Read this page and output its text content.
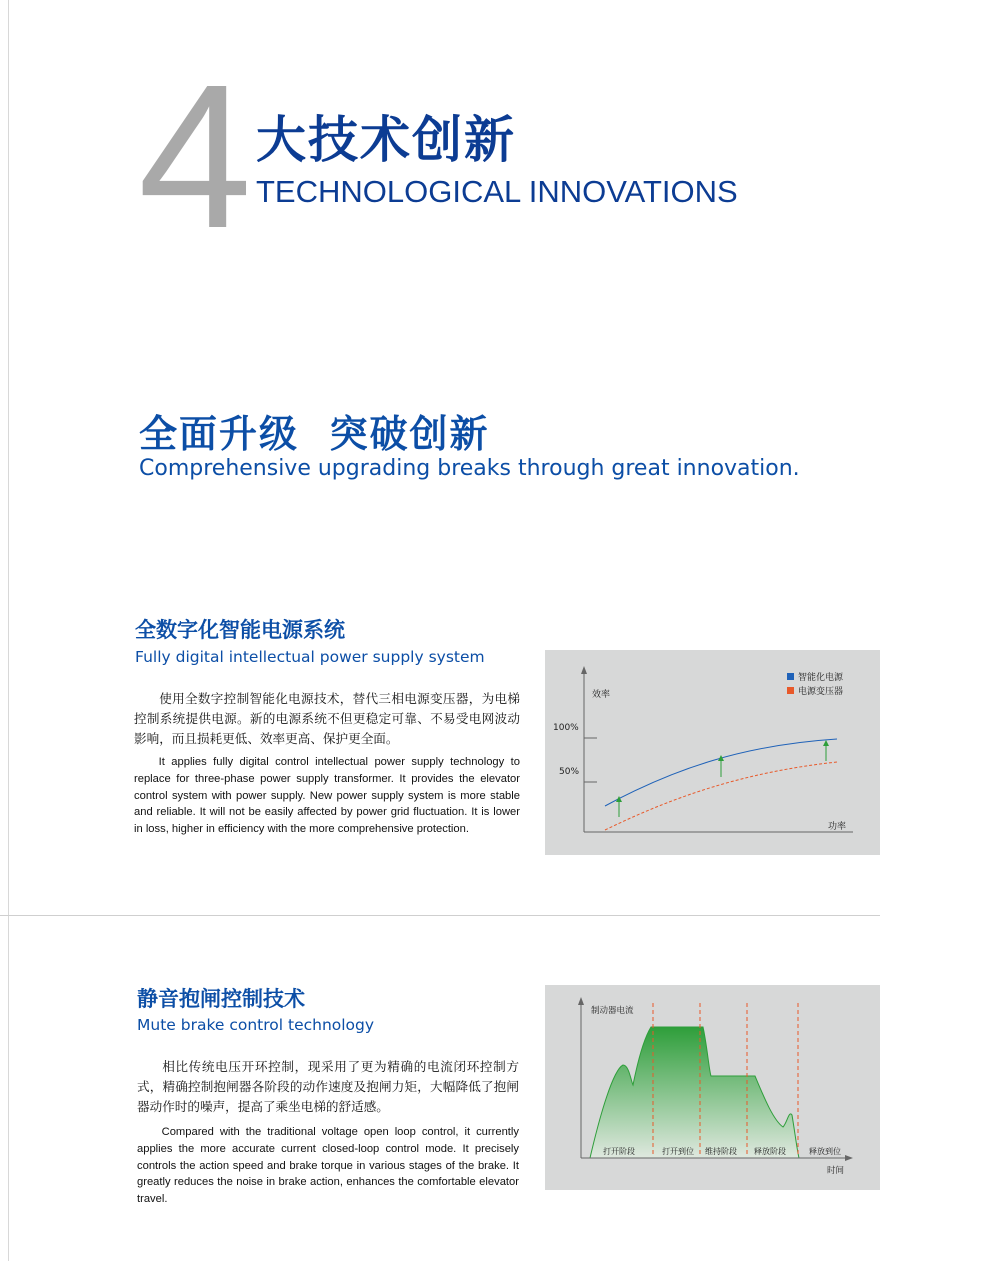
4 大技术创新
TECHNOLOGICAL INNOVATIONS
全面升级  突破创新
Comprehensive upgrading breaks through great innovation.
全数字化智能电源系统
Fully digital intellectual power supply system

使用全数字控制智能化电源技术，替代三相电源变压器，为电梯控制系统提供电源。新的电源系统不但更稳定可靠、不易受电网波动影响，而且损耗更低、效率更高、保护更全面。

It applies fully digital control intellectual power supply technology to replace for three-phase power supply transformer. It provides the elevator control system with power supply. New power supply system is more stable and reliable. It will not be easily affected by power grid fluctuation. It is lower in loss, higher in efficiency with the more comprehensive protection.

100%
50%
效率
功率
智能化电源
电源变压器
静音抱闸控制技术
Mute brake control technology

相比传统电压开环控制，现采用了更为精确的电流闭环控制方式，精确控制抱闸器各阶段的动作速度及抱闸力矩，大幅降低了抱闸器动作时的噪声，提高了乘坐电梯的舒适感。

Compared with the traditional voltage open loop control, it currently applies the more accurate current closed-loop control mode. It precisely controls the action speed and brake torque in various stages of the brake. It greatly reduces the noise in brake action, enhances the comfortable elevator travel.

制动器电流
时间
打开阶段	打开到位 维持阶段 释放阶段	释放到位
